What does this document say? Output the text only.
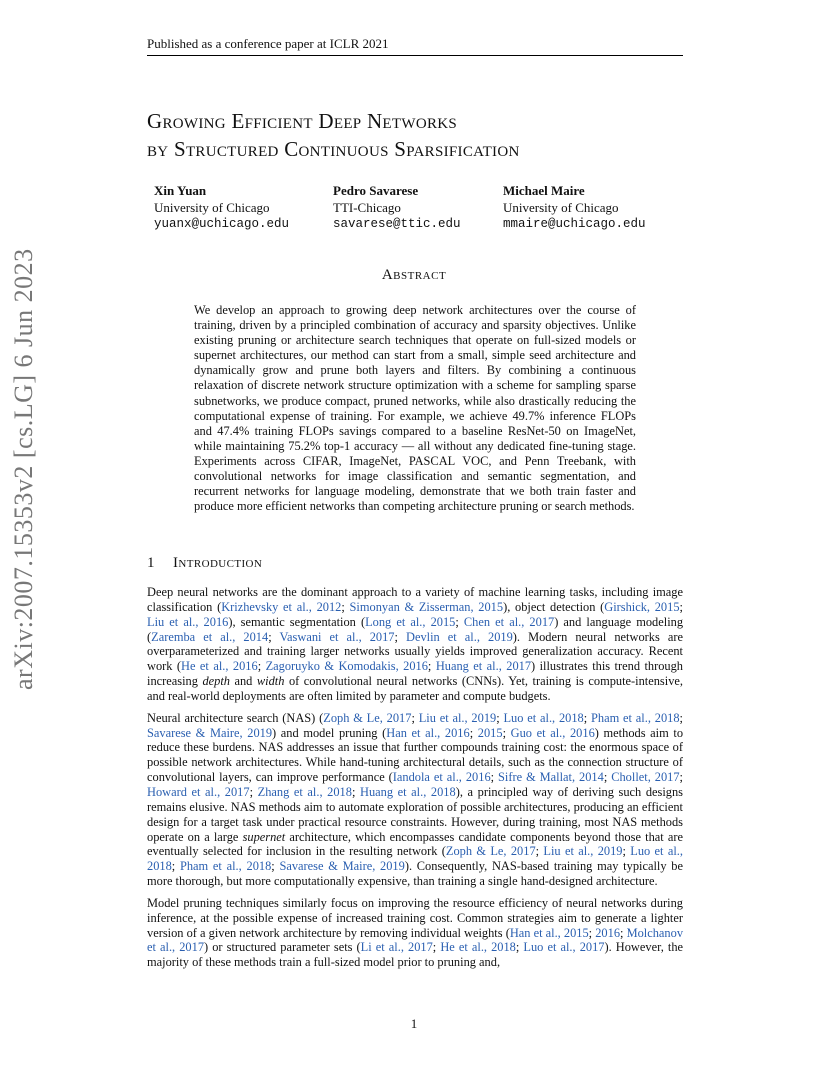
Published as a conference paper at ICLR 2021
arXiv:2007.15353v2 [cs.LG] 6 Jun 2023
Growing Efficient Deep Networks
by Structured Continuous Sparsification
Xin Yuan
University of Chicago
yuanx@uchicago.edu
Pedro Savarese
TTI-Chicago
savarese@ttic.edu
Michael Maire
University of Chicago
mmaire@uchicago.edu
Abstract

We develop an approach to growing deep network architectures over the course of training, driven by a principled combination of accuracy and sparsity objectives. Unlike existing pruning or architecture search techniques that operate on full-sized models or supernet architectures, our method can start from a small, simple seed architecture and dynamically grow and prune both layers and filters. By combining a continuous relaxation of discrete network structure optimization with a scheme for sampling sparse subnetworks, we produce compact, pruned networks, while also drastically reducing the computational expense of training. For example, we achieve 49.7% inference FLOPs and 47.4% training FLOPs savings compared to a baseline ResNet-50 on ImageNet, while maintaining 75.2% top-1 accuracy — all without any dedicated fine-tuning stage. Experiments across CIFAR, ImageNet, PASCAL VOC, and Penn Treebank, with convolutional networks for image classification and semantic segmentation, and recurrent networks for language modeling, demonstrate that we both train faster and produce more efficient networks than competing architecture pruning or search methods.

1 Introduction

Deep neural networks are the dominant approach to a variety of machine learning tasks, including image classification (Krizhevsky et al., 2012; Simonyan & Zisserman, 2015), object detection (Girshick, 2015; Liu et al., 2016), semantic segmentation (Long et al., 2015; Chen et al., 2017) and language modeling (Zaremba et al., 2014; Vaswani et al., 2017; Devlin et al., 2019). Modern neural networks are overparameterized and training larger networks usually yields improved generalization accuracy. Recent work (He et al., 2016; Zagoruyko & Komodakis, 2016; Huang et al., 2017) illustrates this trend through increasing depth and width of convolutional neural networks (CNNs). Yet, training is compute-intensive, and real-world deployments are often limited by parameter and compute budgets.

Neural architecture search (NAS) (Zoph & Le, 2017; Liu et al., 2019; Luo et al., 2018; Pham et al., 2018; Savarese & Maire, 2019) and model pruning (Han et al., 2016; 2015; Guo et al., 2016) methods aim to reduce these burdens. NAS addresses an issue that further compounds training cost: the enormous space of possible network architectures. While hand-tuning architectural details, such as the connection structure of convolutional layers, can improve performance (Iandola et al., 2016; Sifre & Mallat, 2014; Chollet, 2017; Howard et al., 2017; Zhang et al., 2018; Huang et al., 2018), a principled way of deriving such designs remains elusive. NAS methods aim to automate exploration of possible architectures, producing an efficient design for a target task under practical resource constraints. However, during training, most NAS methods operate on a large supernet architecture, which encompasses candidate components beyond those that are eventually selected for inclusion in the resulting network (Zoph & Le, 2017; Liu et al., 2019; Luo et al., 2018; Pham et al., 2018; Savarese & Maire, 2019). Consequently, NAS-based training may typically be more thorough, but more computationally expensive, than training a single hand-designed architecture.

Model pruning techniques similarly focus on improving the resource efficiency of neural networks during inference, at the possible expense of increased training cost. Common strategies aim to generate a lighter version of a given network architecture by removing individual weights (Han et al., 2015; 2016; Molchanov et al., 2017) or structured parameter sets (Li et al., 2017; He et al., 2018; Luo et al., 2017). However, the majority of these methods train a full-sized model prior to pruning and,

1
